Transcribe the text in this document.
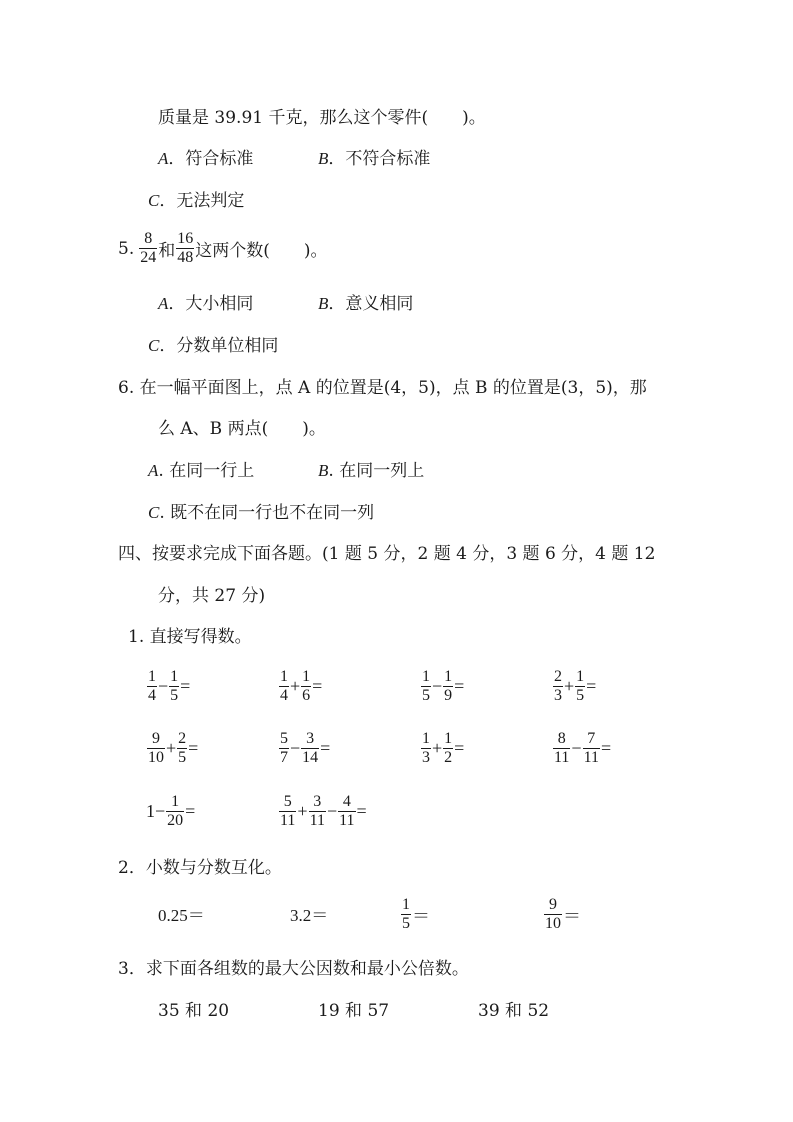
质量是 39.91 千克，那么这个零件(　　)。
A．符合标准	B．不符合标准
C．无法判定
5. $\frac{8}{24}$ 和 $\frac{16}{48}$ 这两个数(　　)。
A．大小相同	B．意义相同
C．分数单位相同
6. 在一幅平面图上，点 A 的位置是(4，5)，点 B 的位置是(3，5)，那
么 A、B 两点(　　)。
A. 在同一行上	B. 在同一列上
C. 既不在同一行也不在同一列
四、按要求完成下面各题。(1 题 5 分，2 题 4 分，3 题 6 分，4 题 12
分，共 27 分)
1. 直接写得数。
$\frac{1}{4} - \frac{1}{5}$ =	$\frac{1}{4} + \frac{1}{6}$ =	$\frac{1}{5} - \frac{1}{9}$ =	$\frac{2}{3} + \frac{1}{5}$ =
$\frac{9}{10} + \frac{2}{5}$ =	$\frac{5}{7} - \frac{3}{14}$ =	$\frac{1}{3} + \frac{1}{2}$ =	$\frac{8}{11} - \frac{7}{11}$ =
$1 - \frac{1}{20}$ =	$\frac{5}{11} + \frac{3}{11} - \frac{4}{11}$ =
2．小数与分数互化。
0.25＝	3.2＝	$\frac{1}{5}$ ＝	$\frac{9}{10}$ ＝
3．求下面各组数的最大公因数和最小公倍数。
35 和 20	19 和 57	39 和 52
